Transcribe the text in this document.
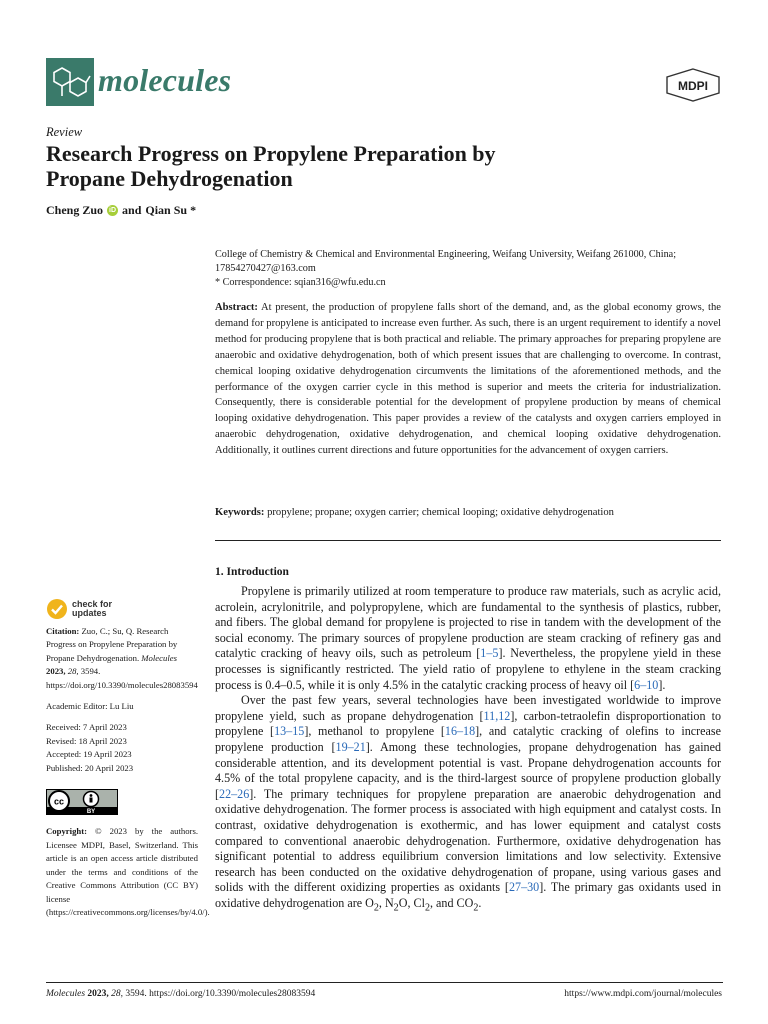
molecules	MDPI
Review
Research Progress on Propylene Preparation by
Propane Dehydrogenation
Cheng Zuo iD and Qian Su *
College of Chemistry & Chemical and Environmental Engineering, Weifang University, Weifang 261000, China;
17854270427@163.com
* Correspondence: sqian316@wfu.edu.cn
Abstract: At present, the production of propylene falls short of the demand, and, as the global economy grows, the demand for propylene is anticipated to increase even further. As such, there is an urgent requirement to identify a novel method for producing propylene that is both practical and reliable. The primary approaches for preparing propylene are anaerobic and oxidative dehydrogenation, both of which present issues that are challenging to overcome. In contrast, chemical looping oxidative dehydrogenation circumvents the limitations of the aforementioned methods, and the performance of the oxygen carrier cycle in this method is superior and meets the criteria for industrialization. Consequently, there is considerable potential for the development of propylene production by means of chemical looping oxidative dehydrogenation. This paper provides a review of the catalysts and oxygen carriers employed in anaerobic dehydrogenation, oxidative dehydrogenation, and chemical looping oxidative dehydrogenation. Additionally, it outlines current directions and future opportunities for the advancement of oxygen carriers.
Keywords: propylene; propane; oxygen carrier; chemical looping; oxidative dehydrogenation
1. Introduction

Propylene is primarily utilized at room temperature to produce raw materials, such as acrylic acid, acrolein, acrylonitrile, and polypropylene, which are fundamental to the synthesis of plastics, rubber, and fibers. The global demand for propylene is projected to rise in tandem with the development of the social economy. The primary sources of propylene production are steam cracking of refinery gas and catalytic cracking of heavy oils, such as petroleum [1–5]. Nevertheless, the propylene yield in these processes is significantly restricted. The yield ratio of propylene to ethylene in the steam cracking process is 0.4–0.5, while it is only 4.5% in the catalytic cracking process of heavy oil [6–10].

Over the past few years, several technologies have been investigated worldwide to improve propylene yield, such as propane dehydrogenation [11,12], carbon-tetraolefin disproportionation to propylene [13–15], methanol to propylene [16–18], and catalytic cracking of olefins to increase propylene production [19–21]. Among these technologies, propane dehydrogenation has gained considerable attention, and its development potential is vast. Propane dehydrogenation accounts for 4.5% of the total propylene capacity, and is the third-largest source of propylene production globally [22–26]. The primary techniques for propylene preparation are anaerobic dehydrogenation and oxidative dehydrogenation. The former process is associated with high equipment and catalyst costs. In contrast, oxidative dehydrogenation is exothermic, and has lower equipment and catalyst costs compared to conventional anaerobic dehydrogenation. Furthermore, oxidative dehydrogenation has significant potential to address equilibrium conversion limitations and low selectivity. Extensive research has been conducted on the oxidative dehydrogenation of propane, using various gases and solids with the different oxidizing properties as oxidants [27–30]. The primary gas oxidants used in oxidative dehydrogenation are $O_2$, $N_2O$, $Cl_2$, and $CO_2$.

check for
updates
Citation: Zuo, C.; Su, Q. Research Progress on Propylene Preparation by Propane Dehydrogenation. Molecules 2023, 28, 3594. https://doi.org/10.3390/molecules28083594
Academic Editor: Lu Liu
Received: 7 April 2023
Revised: 18 April 2023
Accepted: 19 April 2023
Published: 20 April 2023
cc
BY
Copyright: © 2023 by the authors. Licensee MDPI, Basel, Switzerland. This article is an open access article distributed under the terms and conditions of the Creative Commons Attribution (CC BY) license (https://creativecommons.org/licenses/by/4.0/).
Molecules 2023, 28, 3594. https://doi.org/10.3390/molecules28083594	https://www.mdpi.com/journal/molecules
